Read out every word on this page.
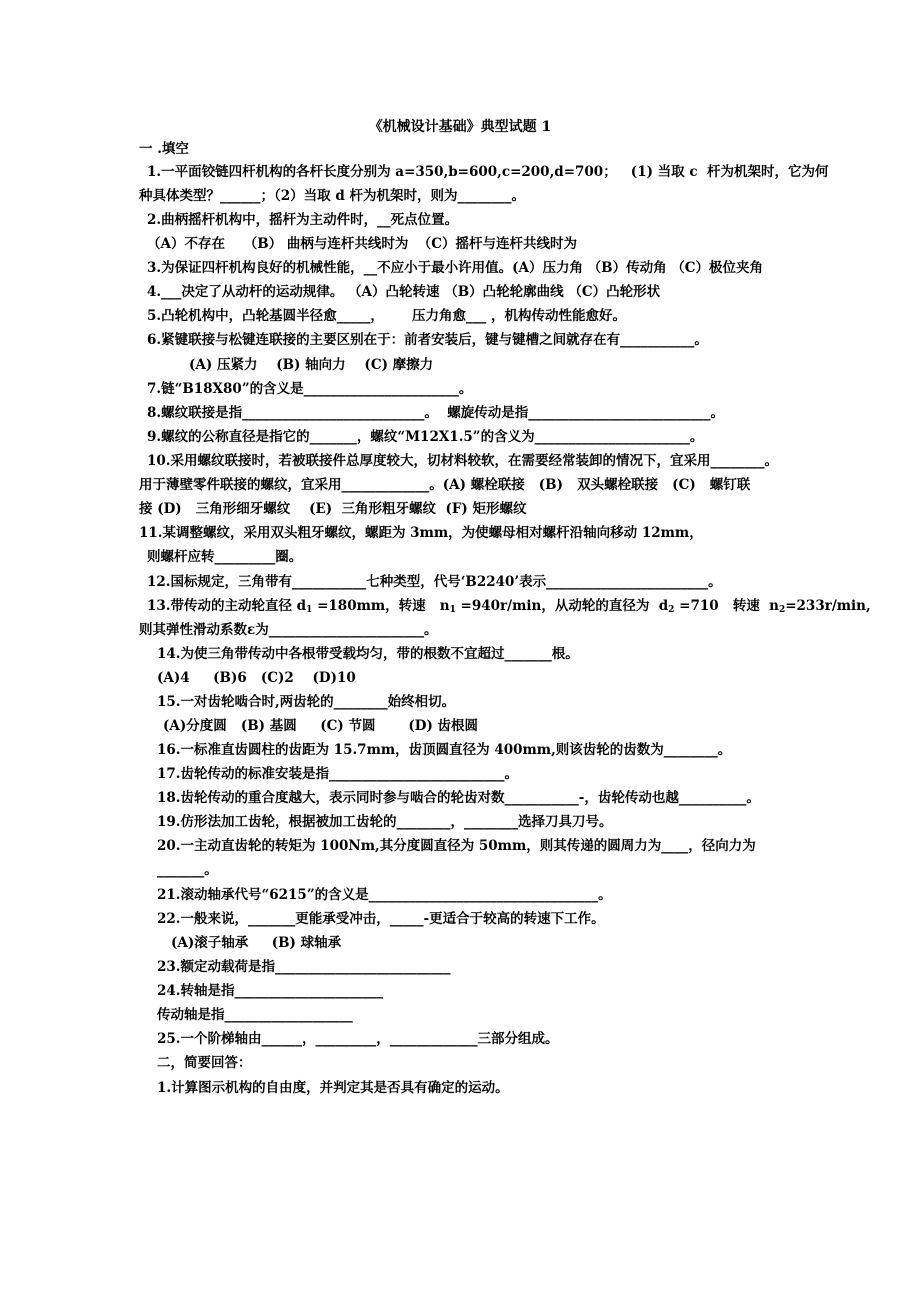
《机械设计基础》典型试题 1
一 .填空
1.一平面铰链四杆机构的各杆长度分别为 a=350,b=600,c=200,d=700；   (1) 当取 c  杆为机架时，它为何
种具体类型？______；（2）当取 d 杆为机架时，则为________。
2.曲柄摇杆机构中，摇杆为主动件时，__死点位置。
（A）不存在    （B） 曲柄与连杆共线时为  （C）摇杆与连杆共线时为
3.为保证四杆机构良好的机械性能，__不应小于最小许用值。(A）压力角 （B）传动角 （C）极位夹角
4.___决定了从动杆的运动规律。 （A）凸轮转速 （B）凸轮轮廓曲线 （C）凸轮形状
5.凸轮机构中，凸轮基圆半径愈_____，      压力角愈___ ，机构传动性能愈好。
6.紧键联接与松键连联接的主要区别在于：前者安装后，键与键槽之间就存在有___________。
(A) 压紧力    (B) 轴向力    (C) 摩擦力
7.链“B18X80”的含义是_______________________。
8.螺纹联接是指___________________________。  螺旋传动是指___________________________。
9.螺纹的公称直径是指它的_______，螺纹“M12X1.5”的含义为_______________________。
10.采用螺纹联接时，若被联接件总厚度较大，切材料较软，在需要经常装卸的情况下，宜采用________。
用于薄壁零件联接的螺纹，宜采用_____________。(A) 螺栓联接   (B)   双头螺栓联接   (C)   螺钉联
接 (D)   三角形细牙螺纹    (E)  三角形粗牙螺纹  (F) 矩形螺纹
11.某调整螺纹，采用双头粗牙螺纹，螺距为 3mm，为使螺母相对螺杆沿轴向移动 12mm，
则螺杆应转_________圈。
12.国标规定，三角带有___________七种类型，代号‘B2240’表示________________________。
13.带传动的主动轮直径 $d_1 =180mm$，转速   $n_1 =940r/\min$，从动轮的直径为  $d_2 =710$   转速  $n_2=233r/\min$,
则其弹性滑动系数ε为_______________________。
14.为使三角带传动中各根带受载均匀，带的根数不宜超过_______根。
(A)4     (B)6   (C)2    (D)10
15.一对齿轮啮合时,两齿轮的________始终相切。
(A)分度圆   (B) 基圆     (C) 节圆       (D) 齿根圆
16.一标准直齿圆柱的齿距为 15.7mm，齿顶圆直径为 400mm,则该齿轮的齿数为________。
17.齿轮传动的标准安装是指__________________________。
18.齿轮传动的重合度越大，表示同时参与啮合的轮齿对数___________-，齿轮传动也越__________。
19.仿形法加工齿轮，根据被加工齿轮的________，________选择刀具刀号。
20.一主动直齿轮的转矩为 100Nm,其分度圆直径为 50mm，则其传递的圆周力为____，径向力为
_______。
21.滚动轴承代号“6215”的含义是__________________________________。
22.一般来说，_______更能承受冲击，_____-更适合于较高的转速下工作。
(A)滚子轴承     (B) 球轴承
23.额定动载荷是指__________________________
24.转轴是指______________________
传动轴是指___________________
25.一个阶梯轴由______，_________，_____________三部分组成。
二，简要回答：
1.计算图示机构的自由度，并判定其是否具有确定的运动。
